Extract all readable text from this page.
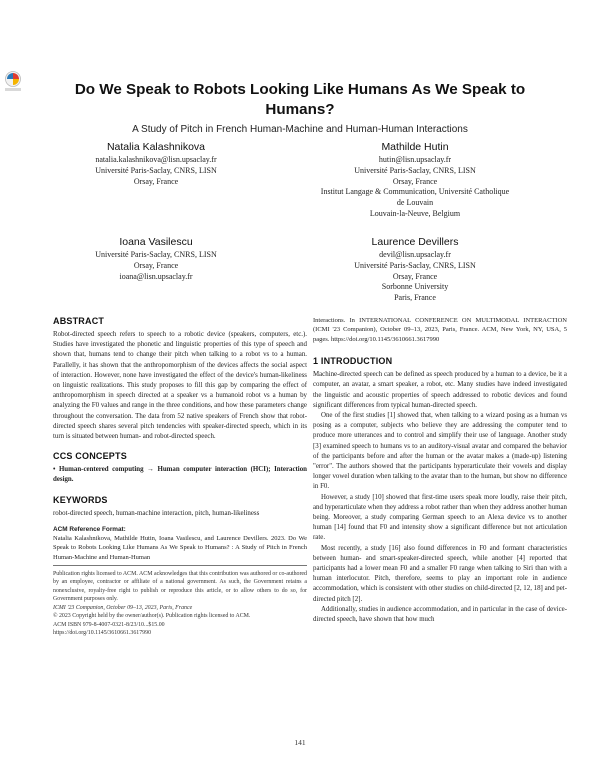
Do We Speak to Robots Looking Like Humans As We Speak to Humans?
A Study of Pitch in French Human-Machine and Human-Human Interactions
Natalia Kalashnikova
natalia.kalashnikova@lisn.upsaclay.fr
Université Paris-Saclay, CNRS, LISN
Orsay, France
Mathilde Hutin
hutin@lisn.upsaclay.fr
Université Paris-Saclay, CNRS, LISN
Orsay, France
Institut Langage & Communication, Université Catholique
de Louvain
Louvain-la-Neuve, Belgium
Ioana Vasilescu
Université Paris-Saclay, CNRS, LISN
Orsay, France
ioana@lisn.upsaclay.fr
Laurence Devillers
devil@lisn.upsaclay.fr
Université Paris-Saclay, CNRS, LISN
Orsay, France
Sorbonne University
Paris, France
ABSTRACT

Robot-directed speech refers to speech to a robotic device (speakers, computers, etc.). Studies have investigated the phonetic and linguistic properties of this type of speech and shown that, humans tend to change their pitch when talking to a robot vs to a human. Parallelly, it has shown that the anthropomorphism of the devices affects the social aspect of interaction. However, none have investigated the effect of the device's human-likeliness on linguistic realizations. This study proposes to fill this gap by comparing the effect of anthropomorphism in speech directed at a speaker vs a humanoid robot vs a human by analyzing the F0 values and range in the three conditions, and how these parameters change throughout the conversation. The data from 52 native speakers of French show that robot-directed speech shares several pitch tendencies with speaker-directed speech, which in its turn is situated between human- and robot-directed speech.

CCS CONCEPTS

• Human-centered computing → Human computer interaction (HCI); Interaction design.

KEYWORDS

robot-directed speech, human-machine interaction, pitch, human-likeliness

ACM Reference Format:

Natalia Kalashnikova, Mathilde Hutin, Ioana Vasilescu, and Laurence Devillers. 2023. Do We Speak to Robots Looking Like Humans As We Speak to Humans? : A Study of Pitch in French Human-Machine and Human-Human

Publication rights licensed to ACM. ACM acknowledges that this contribution was authored or co-authored by an employee, contractor or affiliate of a national government. As such, the Government retains a nonexclusive, royalty-free right to publish or reproduce this article, or to allow others to do so, for Government purposes only.

ICMI '23 Companion, October 09–13, 2023, Paris, France

© 2023 Copyright held by the owner/author(s). Publication rights licensed to ACM.

ACM ISBN 979-8-4007-0321-8/23/10...$15.00

https://doi.org/10.1145/3610661.3617990

Interactions. In INTERNATIONAL CONFERENCE ON MULTIMODAL INTERACTION (ICMI '23 Companion), October 09–13, 2023, Paris, France. ACM, New York, NY, USA, 5 pages. https://doi.org/10.1145/3610661.3617990

1 INTRODUCTION

Machine-directed speech can be defined as speech produced by a human to a device, be it a computer, an avatar, a smart speaker, a robot, etc. Many studies have indeed investigated the linguistic and acoustic properties of speech addressed to robotic devices and found significant differences from typical human-directed speech.

One of the first studies [1] showed that, when talking to a wizard posing as a human vs posing as a computer, subjects who believe they are addressing the computer tend to produce more utterances and to control and simplify their use of language. Another study [3] examined speech to humans vs to an auditory-visual avatar and compared the behavior of the participants before and after the human or the avatar makes a (made-up) listening "error". The authors showed that the participants hyperarticulate their vowels and display longer vowel duration when talking to the avatar than to the human, but show no difference in F0.

However, a study [10] showed that first-time users speak more loudly, raise their pitch, and hyperarticulate when they address a robot rather than when they address another human being. Moreover, a study comparing German speech to an Alexa device vs to another human [14] found that F0 and intensity show a significant difference but not articulation rate.

Most recently, a study [16] also found differences in F0 and formant characteristics between human- and smart-speaker-directed speech, while another [4] reported that participants had a lower mean F0 and a smaller F0 range when talking to Siri than with a human interlocutor. Pitch, therefore, seems to play an important role in audience accommodation, which is consistent with other studies on child-directed [2, 12, 18] and pet-directed pitch [2].

Additionally, studies in audience accommodation, and in particular in the case of device-directed speech, have shown that how much

141
